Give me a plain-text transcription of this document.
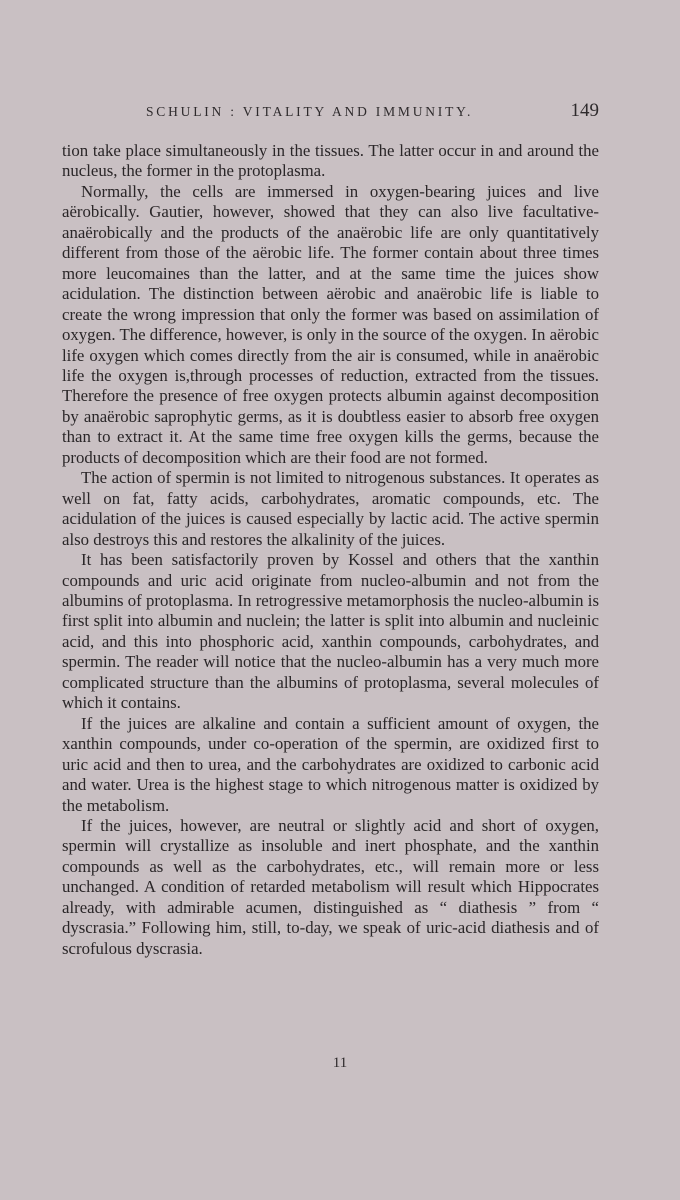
SCHULIN : VITALITY AND IMMUNITY.	149

tion take place simultaneously in the tissues. The latter occur in and around the nucleus, the former in the protoplasma.

Normally, the cells are immersed in oxygen-bearing juices and live aërobically. Gautier, however, showed that they can also live facultative-anaërobically and the products of the anaërobic life are only quantitatively different from those of the aërobic life. The former contain about three times more leucomaines than the latter, and at the same time the juices show acidulation. The distinction between aërobic and anaërobic life is liable to create the wrong impression that only the former was based on assimilation of oxygen. The difference, however, is only in the source of the oxygen. In aërobic life oxygen which comes directly from the air is consumed, while in anaërobic life the oxygen is,through processes of reduction, extracted from the tissues. Therefore the presence of free oxygen protects albumin against decomposition by anaërobic saprophytic germs, as it is doubtless easier to absorb free oxygen than to extract it. At the same time free oxygen kills the germs, because the products of decomposition which are their food are not formed.

The action of spermin is not limited to nitrogenous substances. It operates as well on fat, fatty acids, carbohydrates, aromatic compounds, etc. The acidulation of the juices is caused especially by lactic acid. The active spermin also destroys this and restores the alkalinity of the juices.

It has been satisfactorily proven by Kossel and others that the xanthin compounds and uric acid originate from nucleo-albumin and not from the albumins of protoplasma. In retrogressive metamorphosis the nucleo-albumin is first split into albumin and nuclein; the latter is split into albumin and nucleinic acid, and this into phosphoric acid, xanthin compounds, carbohydrates, and spermin. The reader will notice that the nucleo-albumin has a very much more complicated structure than the albumins of protoplasma, several molecules of which it contains.

If the juices are alkaline and contain a sufficient amount of oxygen, the xanthin compounds, under co-operation of the spermin, are oxidized first to uric acid and then to urea, and the carbohydrates are oxidized to carbonic acid and water. Urea is the highest stage to which nitrogenous matter is oxidized by the metabolism.

If the juices, however, are neutral or slightly acid and short of oxygen, spermin will crystallize as insoluble and inert phosphate, and the xanthin compounds as well as the carbohydrates, etc., will remain more or less unchanged. A condition of retarded metabolism will result which Hippocrates already, with admirable acumen, distinguished as “ diathesis ” from “ dyscrasia.” Following him, still, to-day, we speak of uric-acid diathesis and of scrofulous dyscrasia.

11
